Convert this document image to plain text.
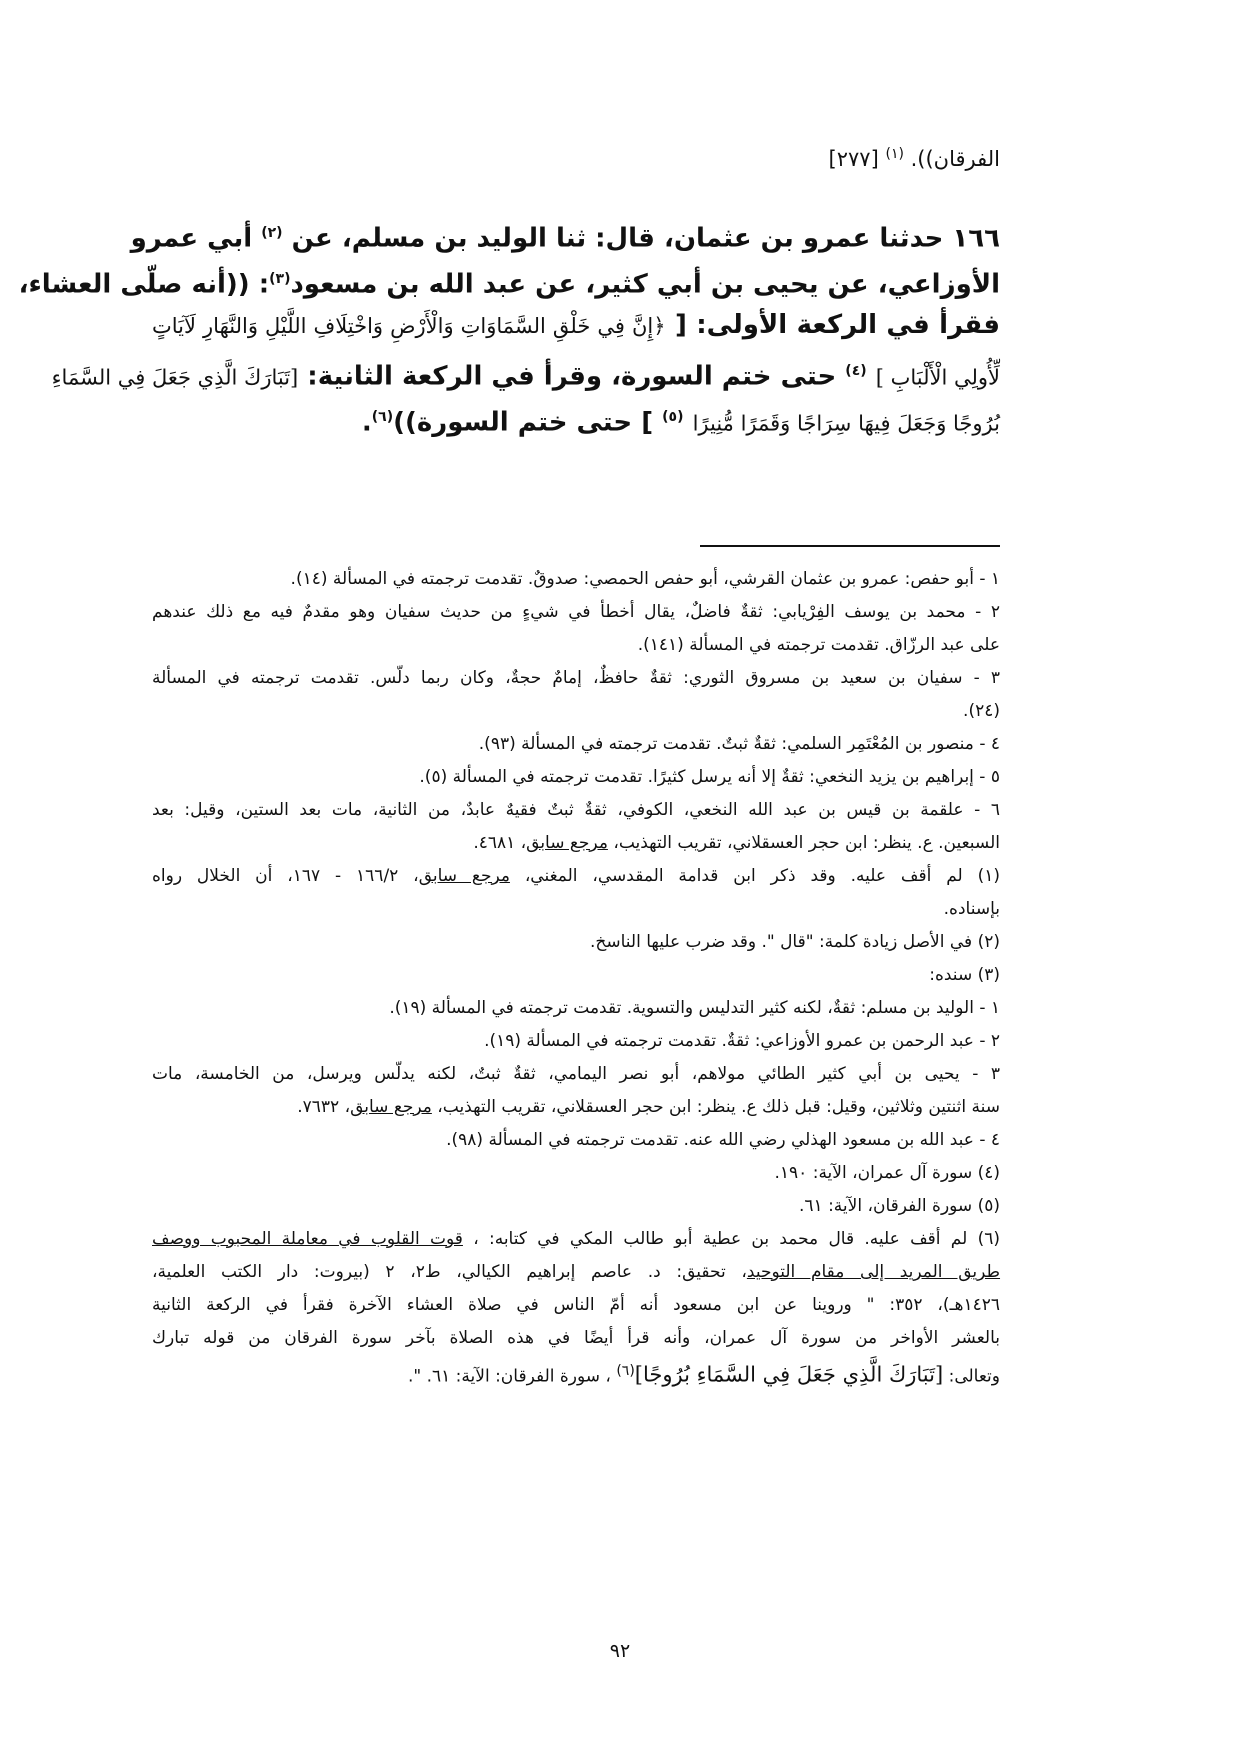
الفرقان)). $^{(١)}$ [٢٧٧]
١٦٦ حدثنا عمرو بن عثمان، قال: ثنا الوليد بن مسلم، عن $^{(٢)}$ أبي عمرو
الأوزاعي، عن يحيى بن أبي كثير، عن عبد الله بن مسعود$^{(٣)}$: ((أنه صلّى العشاء،
فقرأ في الركعة الأولى: [ ﴿إِنَّ فِي خَلْقِ السَّمَاوَاتِ وَالْأَرْضِ وَاخْتِلَافِ اللَّيْلِ وَالنَّهَارِ لَآيَاتٍ
لِّأُولِي الْأَلْبَابِ ] $^{(٤)}$ حتى ختم السورة، وقرأ في الركعة الثانية: [تَبَارَكَ الَّذِي جَعَلَ فِي السَّمَاءِ
بُرُوجًا وَجَعَلَ فِيهَا سِرَاجًا وَقَمَرًا مُّنِيرًا $^{(٥)}$ ] حتى ختم السورة))$^{(٦)}$.
١ - أبو حفص: عمرو بن عثمان القرشي، أبو حفص الحمصي: صدوقٌ. تقدمت ترجمته في المسألة (١٤).
٢ - محمد بن يوسف الفِرْيابي: ثقةٌ فاضلٌ، يقال أخطأ في شيءٍ من حديث سفيان وهو مقدمٌ فيه مع ذلك عندهم
على عبد الرزّاق. تقدمت ترجمته في المسألة (١٤١).
٣ - سفيان بن سعيد بن مسروق الثوري: ثقةٌ حافظٌ، إمامٌ حجةٌ، وكان ربما دلّس. تقدمت ترجمته في المسألة
(٢٤).
٤ - منصور بن المُعْتَمِر السلمي: ثقةٌ ثبتٌ. تقدمت ترجمته في المسألة (٩٣).
٥ - إبراهيم بن يزيد النخعي: ثقةٌ إلا أنه يرسل كثيرًا. تقدمت ترجمته في المسألة (٥).
٦ - علقمة بن قيس بن عبد الله النخعي، الكوفي، ثقةٌ ثبتٌ فقيهٌ عابدٌ، من الثانية، مات بعد الستين، وقيل: بعد
السبعين. ع. ينظر: ابن حجر العسقلاني، تقريب التهذيب، مرجع سابق، ٤٦٨١.
(١) لم أقف عليه. وقد ذكر ابن قدامة المقدسي، المغني، مرجع سابق، ١٦٦/٢ - ١٦٧، أن الخلال رواه
بإسناده.
(٢) في الأصل زيادة كلمة: "قال ". وقد ضرب عليها الناسخ.
(٣) سنده:
١ - الوليد بن مسلم: ثقةٌ، لكنه كثير التدليس والتسوية. تقدمت ترجمته في المسألة (١٩).
٢ - عبد الرحمن بن عمرو الأوزاعي: ثقةٌ. تقدمت ترجمته في المسألة (١٩).
٣ - يحيى بن أبي كثير الطائي مولاهم، أبو نصر اليمامي، ثقةٌ ثبتٌ، لكنه يدلّس ويرسل، من الخامسة، مات
سنة اثنتين وثلاثين، وقيل: قبل ذلك ع. ينظر: ابن حجر العسقلاني، تقريب التهذيب، مرجع سابق، ٧٦٣٢.
٤ - عبد الله بن مسعود الهذلي رضي الله عنه. تقدمت ترجمته في المسألة (٩٨).
(٤) سورة آل عمران، الآية: ١٩٠.
(٥) سورة الفرقان، الآية: ٦١.
(٦) لم أقف عليه. قال محمد بن عطية أبو طالب المكي في كتابه: ، قوت القلوب في معاملة المحبوب ووصف
طريق المريد إلى مقام التوحيد، تحقيق: د. عاصم إبراهيم الكيالي، ط٢، ٢ (بيروت: دار الكتب العلمية،
١٤٢٦هـ)، ٣٥٢: " وروينا عن ابن مسعود أنه أمّ الناس في صلاة العشاء الآخرة فقرأ في الركعة الثانية
بالعشر الأواخر من سورة آل عمران، وأنه قرأ أيضًا في هذه الصلاة بآخر سورة الفرقان من قوله تبارك
وتعالى: [تَبَارَكَ الَّذِي جَعَلَ فِي السَّمَاءِ بُرُوجًا]$^{(٦)}$ ، سورة الفرقان: الآية: ٦١. ".
٩٢
